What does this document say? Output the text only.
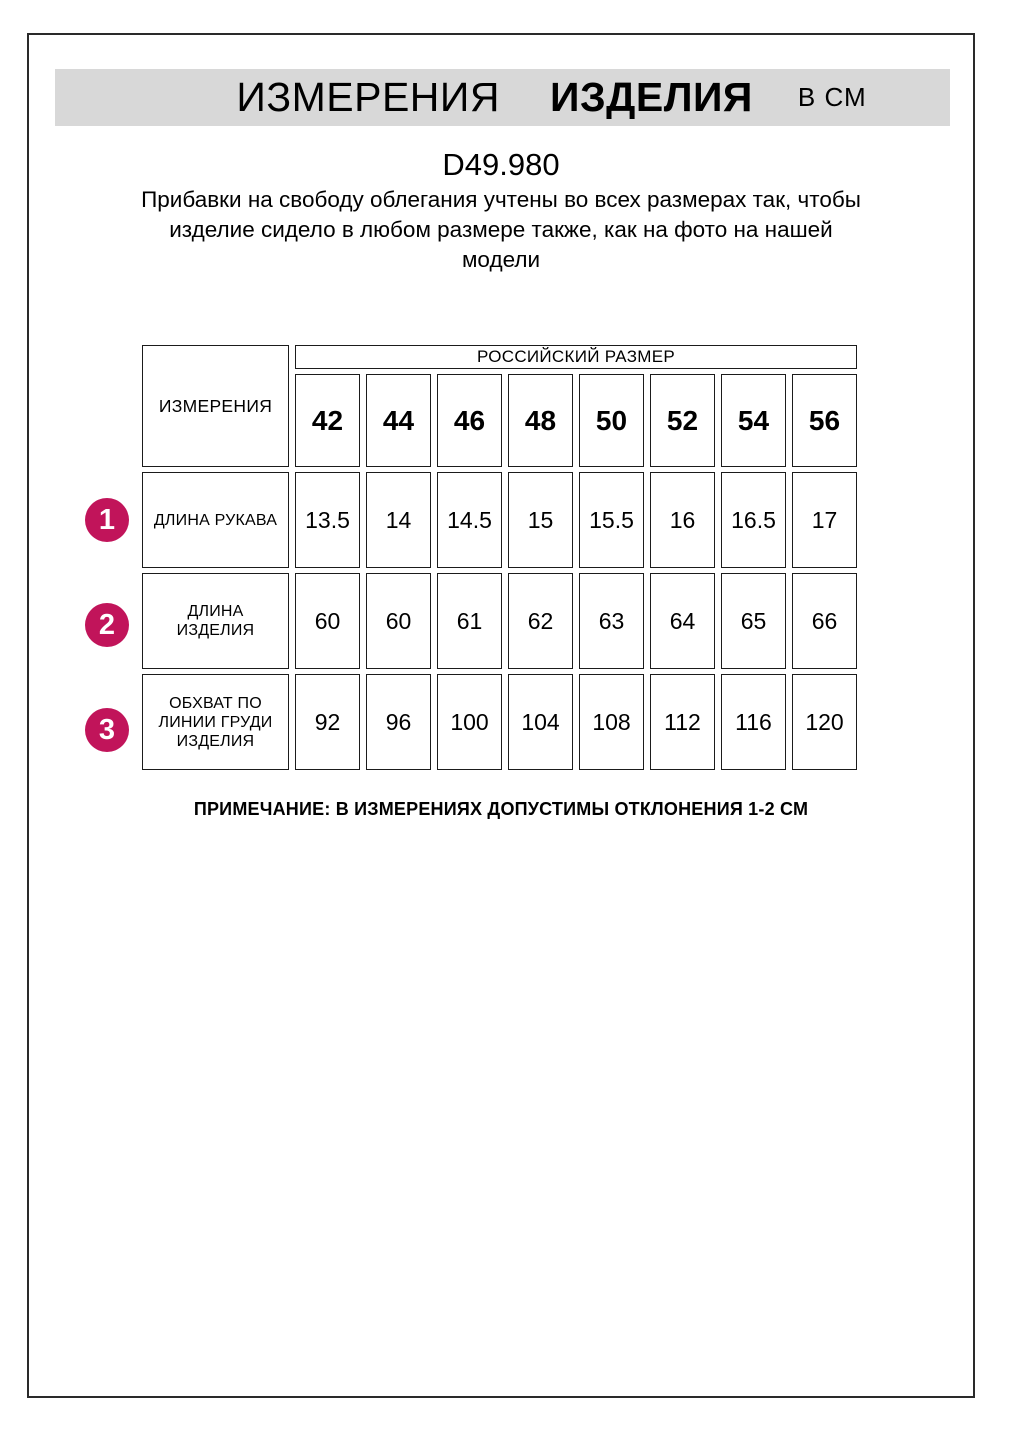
ИЗМЕРЕНИЯ ИЗДЕЛИЯ В СМ
D49.980
Прибавки на свободу облегания учтены во всех размерах так, чтобы
изделие сидело в любом размере также, как на фото на нашей
модели
ИЗМЕРЕНИЯ	РОССИЙСКИЙ РАЗМЕР							
	42	44	46	48	50	52	54	56
ДЛИНА РУКАВА	13.5	14	14.5	15	15.5	16	16.5	17
ДЛИНА
ИЗДЕЛИЯ	60	60	61	62	63	64	65	66
ОБХВАТ ПО
ЛИНИИ ГРУДИ
ИЗДЕЛИЯ	92	96	100	104	108	112	116	120
1
2
3
ПРИМЕЧАНИЕ: В ИЗМЕРЕНИЯХ ДОПУСТИМЫ ОТКЛОНЕНИЯ 1-2 СМ
